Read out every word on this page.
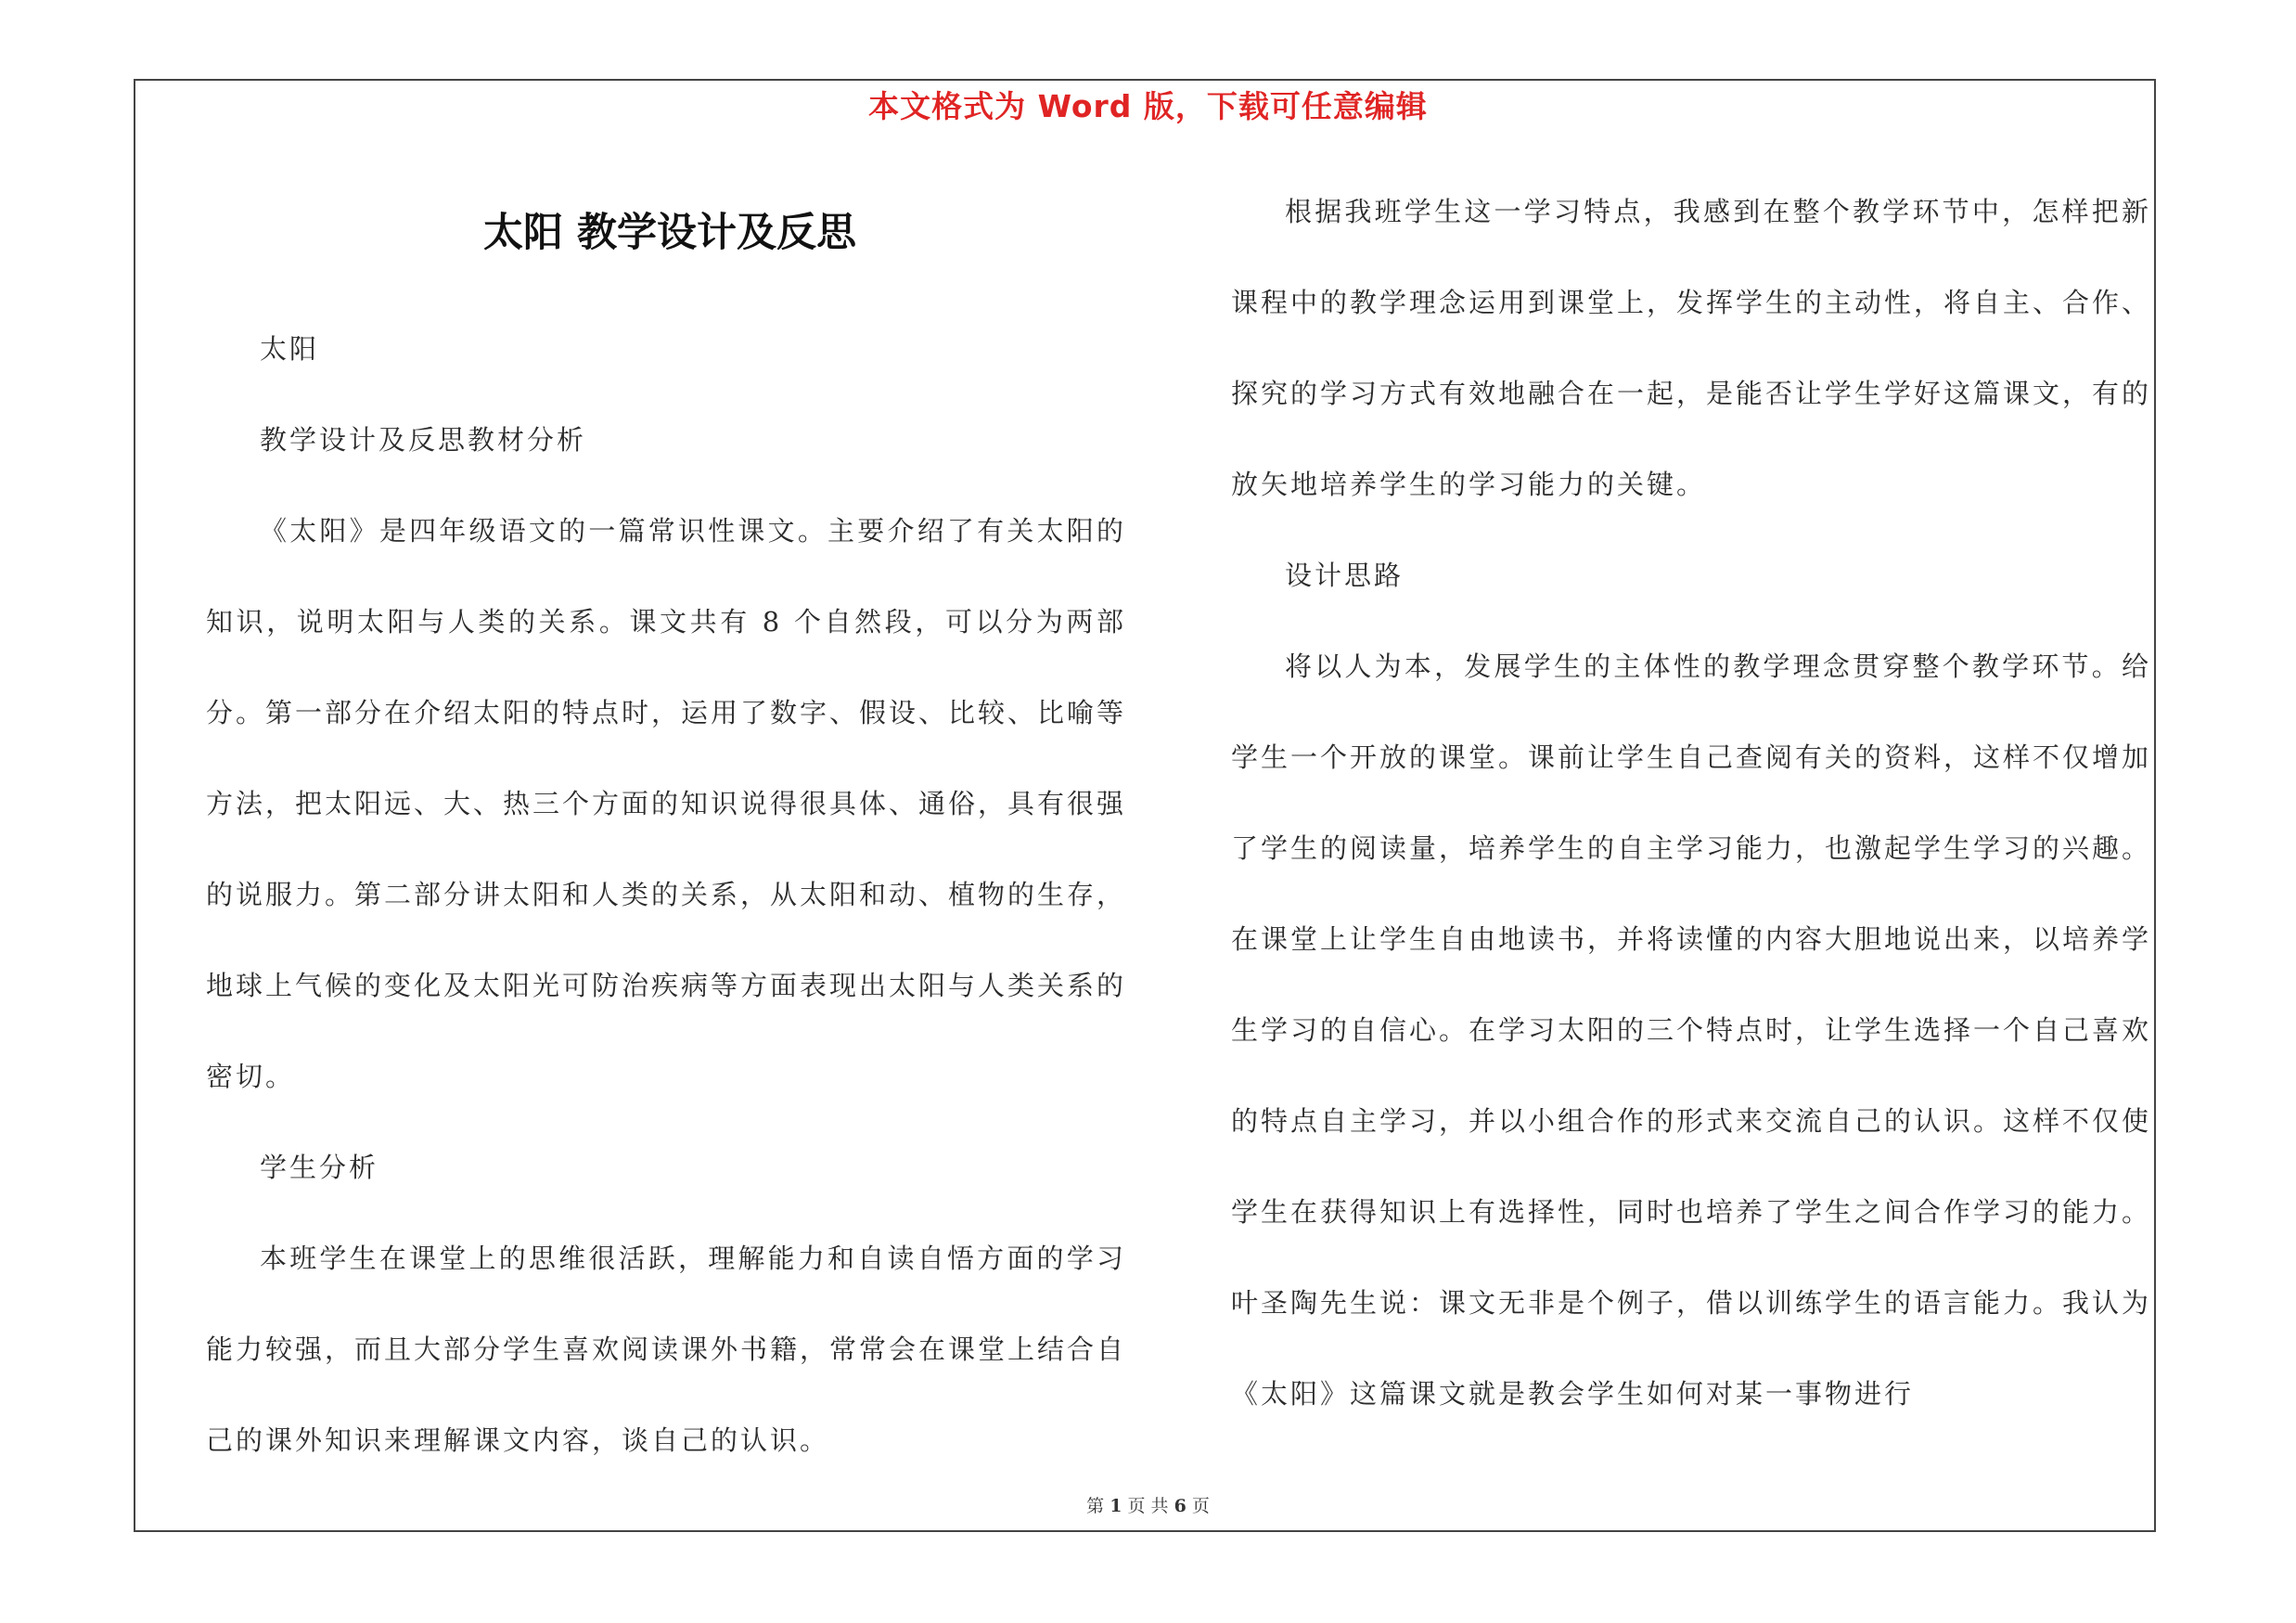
本文格式为 Word 版，下载可任意编辑
太阳 教学设计及反思

太阳

教学设计及反思教材分析

《太阳》是四年级语文的一篇常识性课文。主要介绍了有关太阳的知识，说明太阳与人类的关系。课文共有 8 个自然段，可以分为两部分。第一部分在介绍太阳的特点时，运用了数字、假设、比较、比喻等方法，把太阳远、大、热三个方面的知识说得很具体、通俗，具有很强的说服力。第二部分讲太阳和人类的关系，从太阳和动、植物的生存，地球上气候的变化及太阳光可防治疾病等方面表现出太阳与人类关系的密切。

学生分析

本班学生在课堂上的思维很活跃，理解能力和自读自悟方面的学习能力较强，而且大部分学生喜欢阅读课外书籍，常常会在课堂上结合自己的课外知识来理解课文内容，谈自己的认识。

根据我班学生这一学习特点，我感到在整个教学环节中，怎样把新课程中的教学理念运用到课堂上，发挥学生的主动性，将自主、合作、探究的学习方式有效地融合在一起，是能否让学生学好这篇课文，有的放矢地培养学生的学习能力的关键。

设计思路

将以人为本，发展学生的主体性的教学理念贯穿整个教学环节。给学生一个开放的课堂。课前让学生自己查阅有关的资料，这样不仅增加了学生的阅读量，培养学生的自主学习能力，也激起学生学习的兴趣。在课堂上让学生自由地读书，并将读懂的内容大胆地说出来，以培养学生学习的自信心。在学习太阳的三个特点时，让学生选择一个自己喜欢的特点自主学习，并以小组合作的形式来交流自己的认识。这样不仅使学生在获得知识上有选择性，同时也培养了学生之间合作学习的能力。叶圣陶先生说：课文无非是个例子，借以训练学生的语言能力。我认为《太阳》这篇课文就是教会学生如何对某一事物进行

第 1 页 共 6 页
